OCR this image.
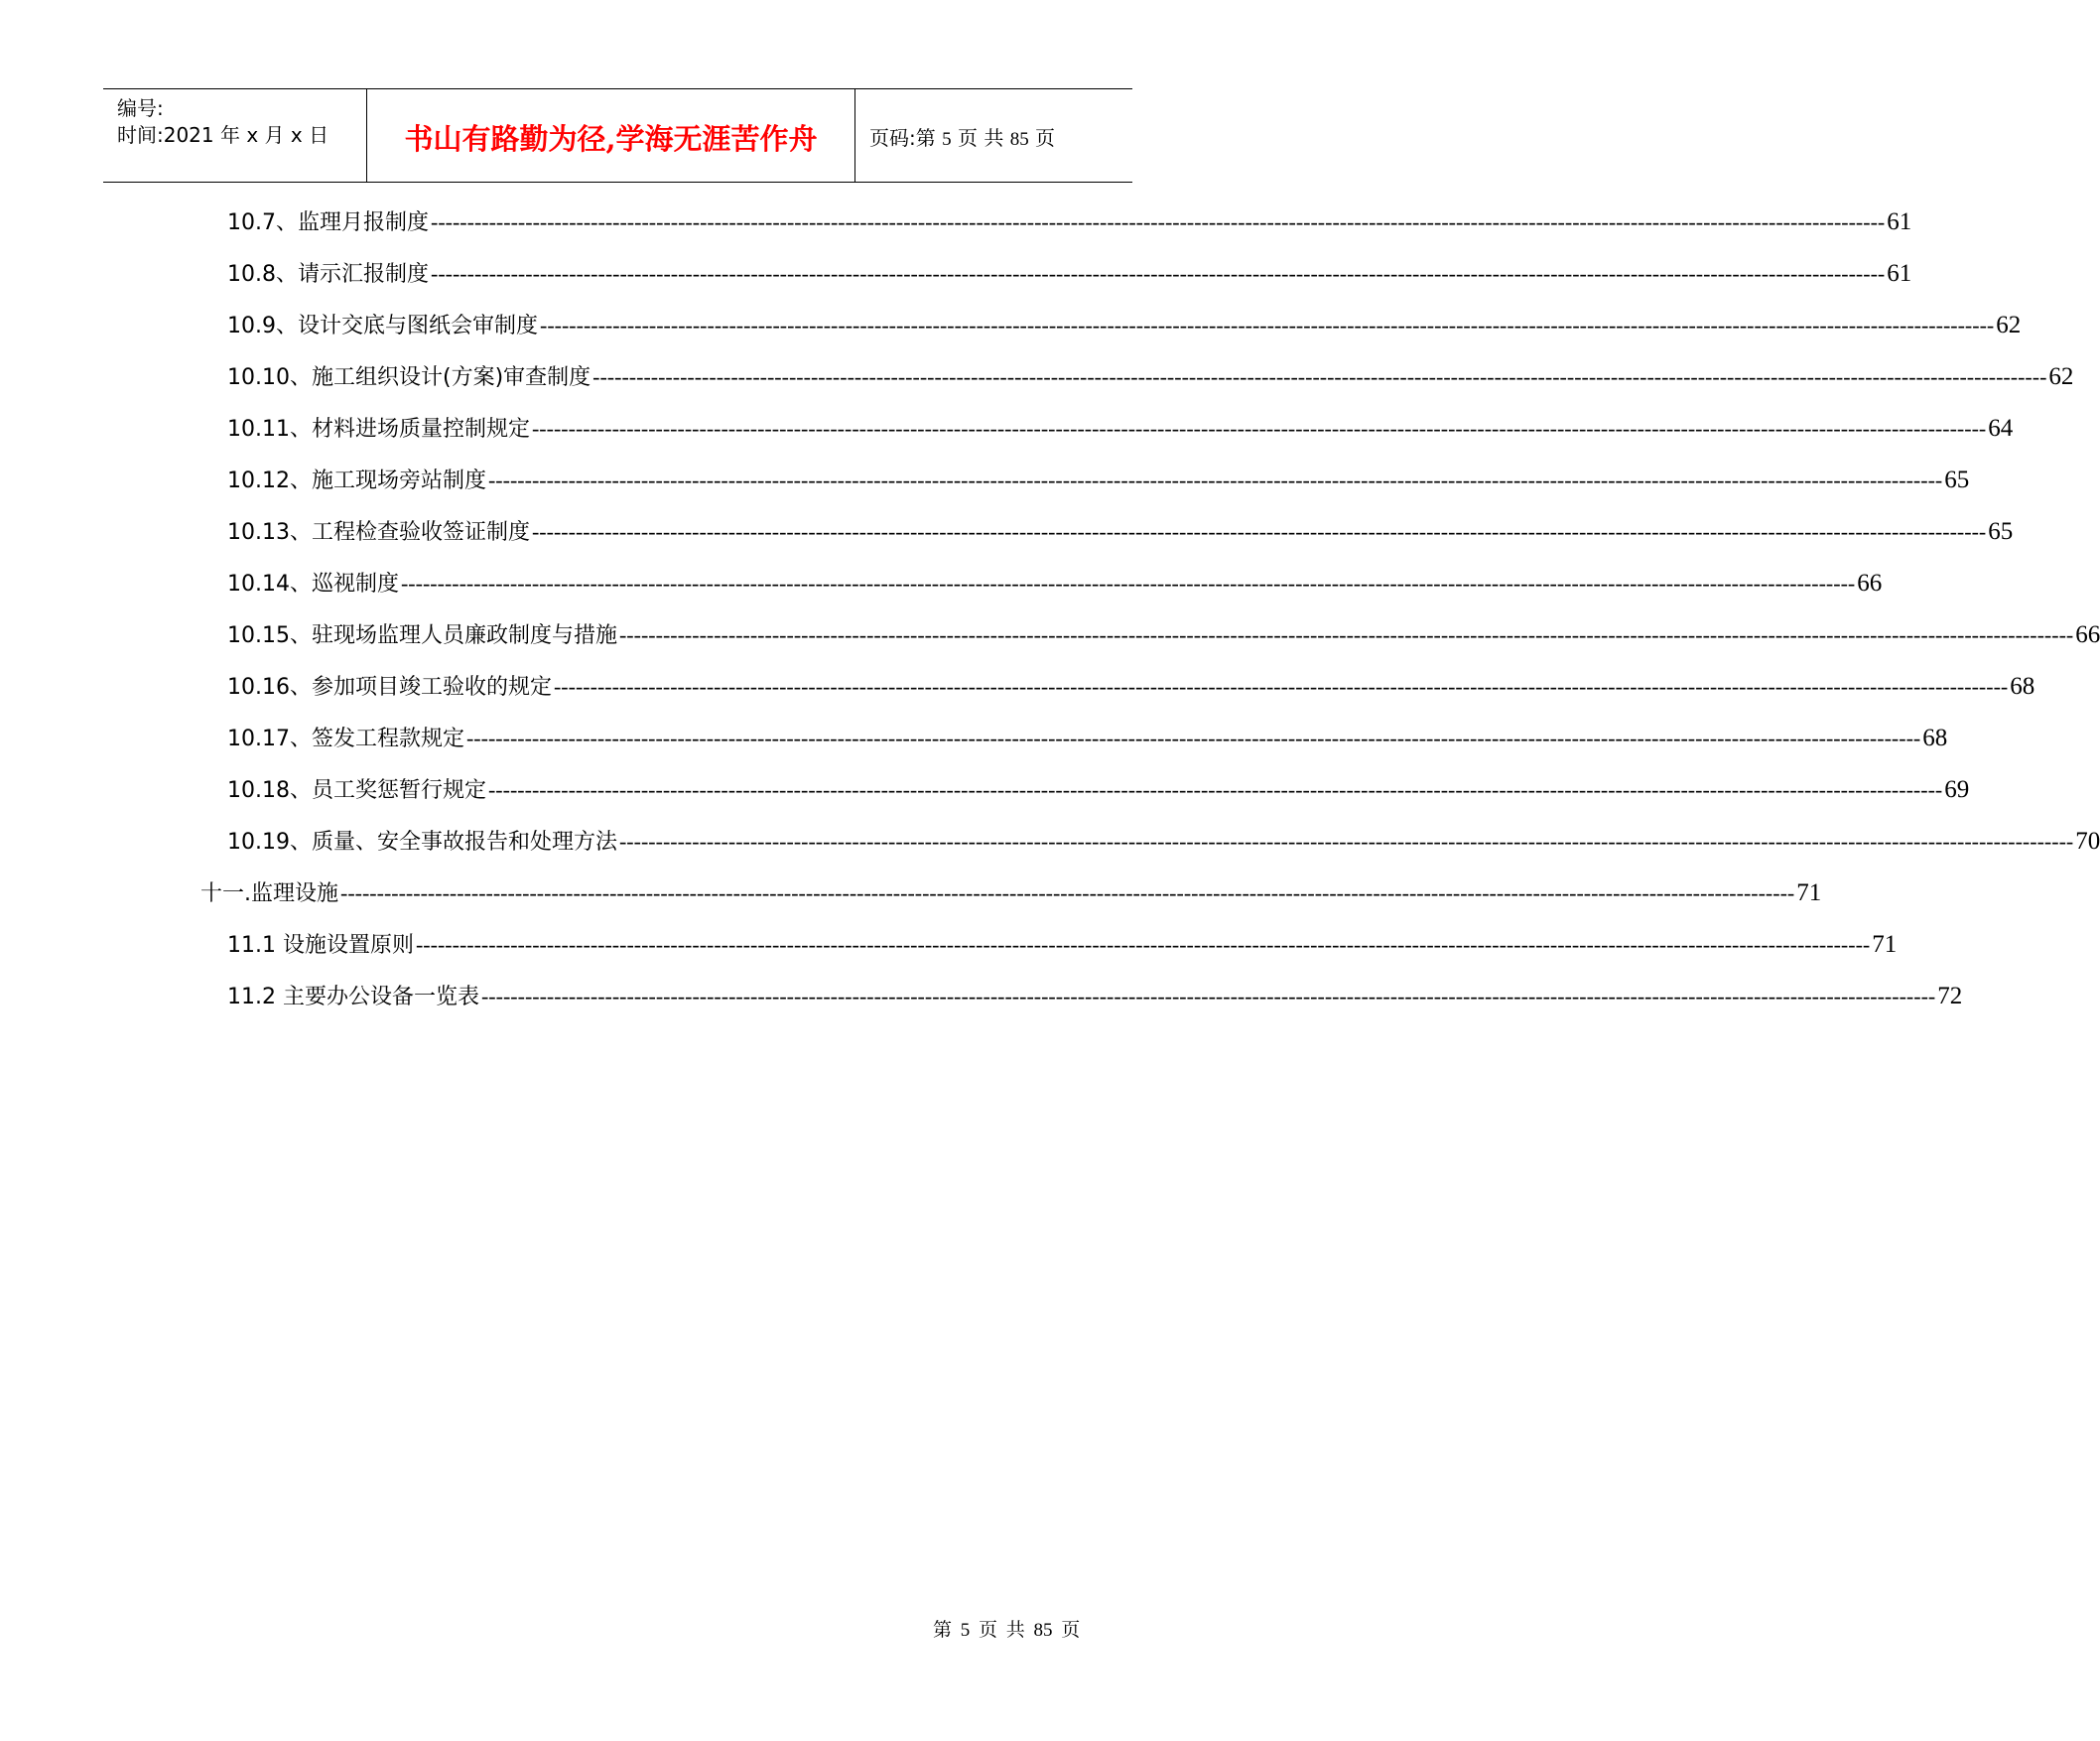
编号:
时间:2021 年 x 月 x 日	书山有路勤为径,学海无涯苦作舟	页码:第 5 页 共 85 页
10.7、监理月报制度 -------------------------------------------------------------------------------------------------------------------------------------------------------------------------------------------------------- 61
10.8、请示汇报制度 -------------------------------------------------------------------------------------------------------------------------------------------------------------------------------------------------------- 61
10.9、设计交底与图纸会审制度 -------------------------------------------------------------------------------------------------------------------------------------------------------------------------------------------------------- 62
10.10、施工组织设计(方案)审查制度 -------------------------------------------------------------------------------------------------------------------------------------------------------------------------------------------------------- 62
10.11、材料进场质量控制规定 -------------------------------------------------------------------------------------------------------------------------------------------------------------------------------------------------------- 64
10.12、施工现场旁站制度 -------------------------------------------------------------------------------------------------------------------------------------------------------------------------------------------------------- 65
10.13、工程检查验收签证制度 -------------------------------------------------------------------------------------------------------------------------------------------------------------------------------------------------------- 65
10.14、巡视制度 -------------------------------------------------------------------------------------------------------------------------------------------------------------------------------------------------------- 66
10.15、驻现场监理人员廉政制度与措施 -------------------------------------------------------------------------------------------------------------------------------------------------------------------------------------------------------- 66
10.16、参加项目竣工验收的规定 -------------------------------------------------------------------------------------------------------------------------------------------------------------------------------------------------------- 68
10.17、签发工程款规定 -------------------------------------------------------------------------------------------------------------------------------------------------------------------------------------------------------- 68
10.18、员工奖惩暂行规定 -------------------------------------------------------------------------------------------------------------------------------------------------------------------------------------------------------- 69
10.19、质量、安全事故报告和处理方法 -------------------------------------------------------------------------------------------------------------------------------------------------------------------------------------------------------- 70
十一.监理设施 -------------------------------------------------------------------------------------------------------------------------------------------------------------------------------------------------------- 71
11.1 设施设置原则 -------------------------------------------------------------------------------------------------------------------------------------------------------------------------------------------------------- 71
11.2 主要办公设备一览表 -------------------------------------------------------------------------------------------------------------------------------------------------------------------------------------------------------- 72
第 5 页 共 85 页
